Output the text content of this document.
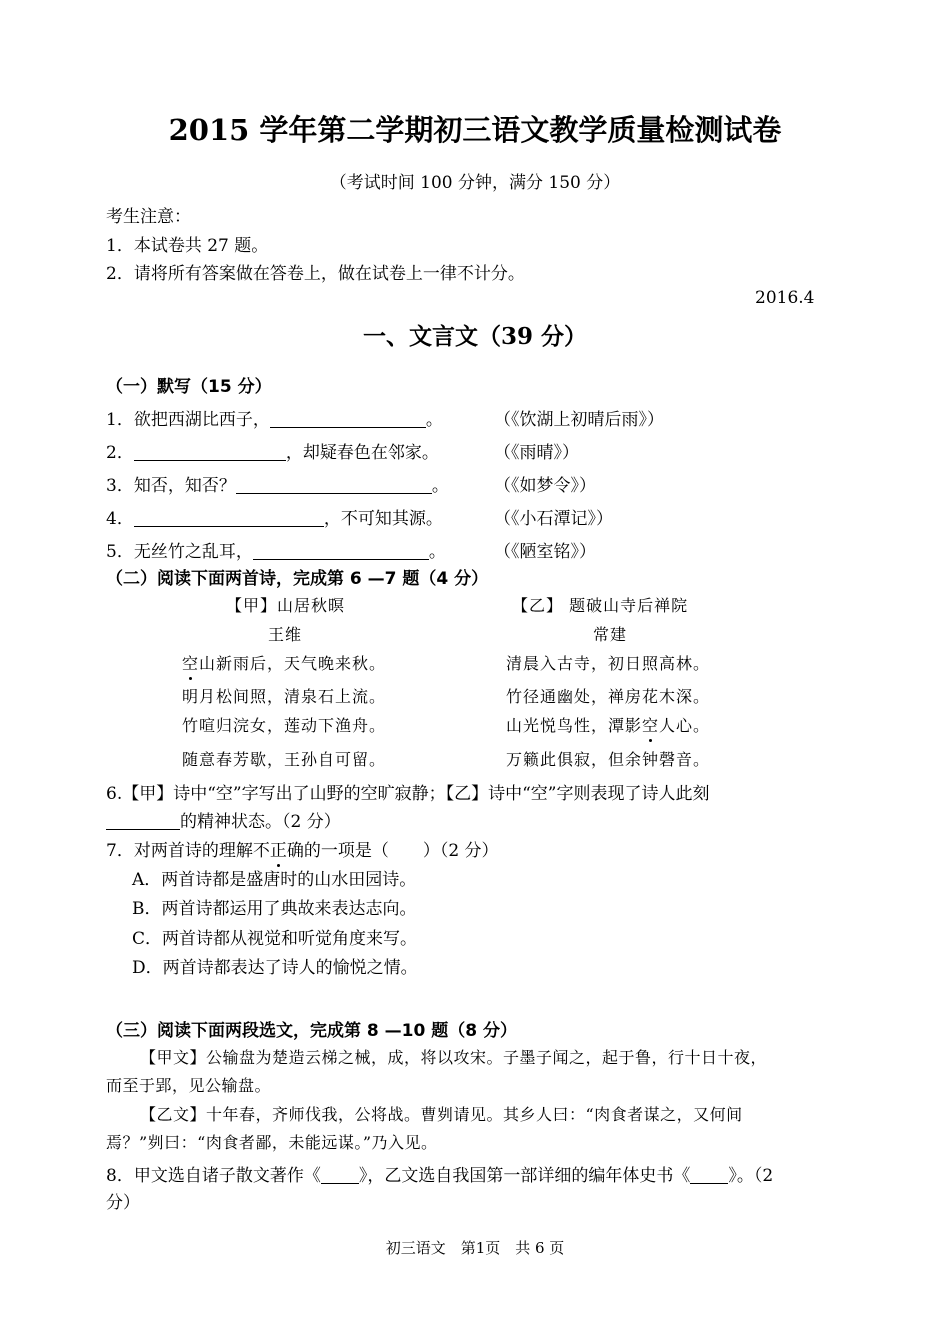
2015 学年第二学期初三语文教学质量检测试卷
（考试时间 100 分钟，满分 150 分）
考生注意：
1．本试卷共 27 题。
2．请将所有答案做在答卷上，做在试卷上一律不计分。
2016.4
一、文言文（39 分）
（一）默写（15 分）
1．欲把西湖比西子，	。	（《饮湖上初晴后雨》）
2．	，却疑春色在邻家。	（《雨晴》）
3．知否，知否？	。	（《如梦令》）
4．	，不可知其源。	（《小石潭记》）
5．无丝竹之乱耳，	。	（《陋室铭》）
（二）阅读下面两首诗，完成第 6 —7 题（4 分）
【甲】山居秋暝
王维
空山新雨后，天气晚来秋。
明月松间照，清泉石上流。
竹喧归浣女，莲动下渔舟。
随意春芳歇，王孙自可留。
【乙】 题破山寺后禅院
常建
清晨入古寺，初日照高林。
竹径通幽处，禅房花木深。
山光悦鸟性，潭影空人心。
万籁此俱寂，但余钟磬音。
6.【甲】诗中“空”字写出了山野的空旷寂静；【乙】诗中“空”字则表现了诗人此刻
的精神状态。（2 分）
7．对两首诗的理解不正确的一项是（　　）（2 分）
A．两首诗都是盛唐时的山水田园诗。
B．两首诗都运用了典故来表达志向。
C．两首诗都从视觉和听觉角度来写。
D．两首诗都表达了诗人的愉悦之情。
（三）阅读下面两段选文，完成第 8 —10 题（8 分）
【甲文】公输盘为楚造云梯之械，成，将以攻宋。子墨子闻之，起于鲁，行十日十夜，
而至于郢，见公输盘。
【乙文】十年春，齐师伐我，公将战。曹刿请见。其乡人曰：“肉食者谋之，又何间
焉？”刿曰：“肉食者鄙，未能远谋。”乃入见。
8．甲文选自诸子散文著作《 》，乙文选自我国第一部详细的编年体史书《 》。（2
分）
初三语文　第1页　共 6 页
